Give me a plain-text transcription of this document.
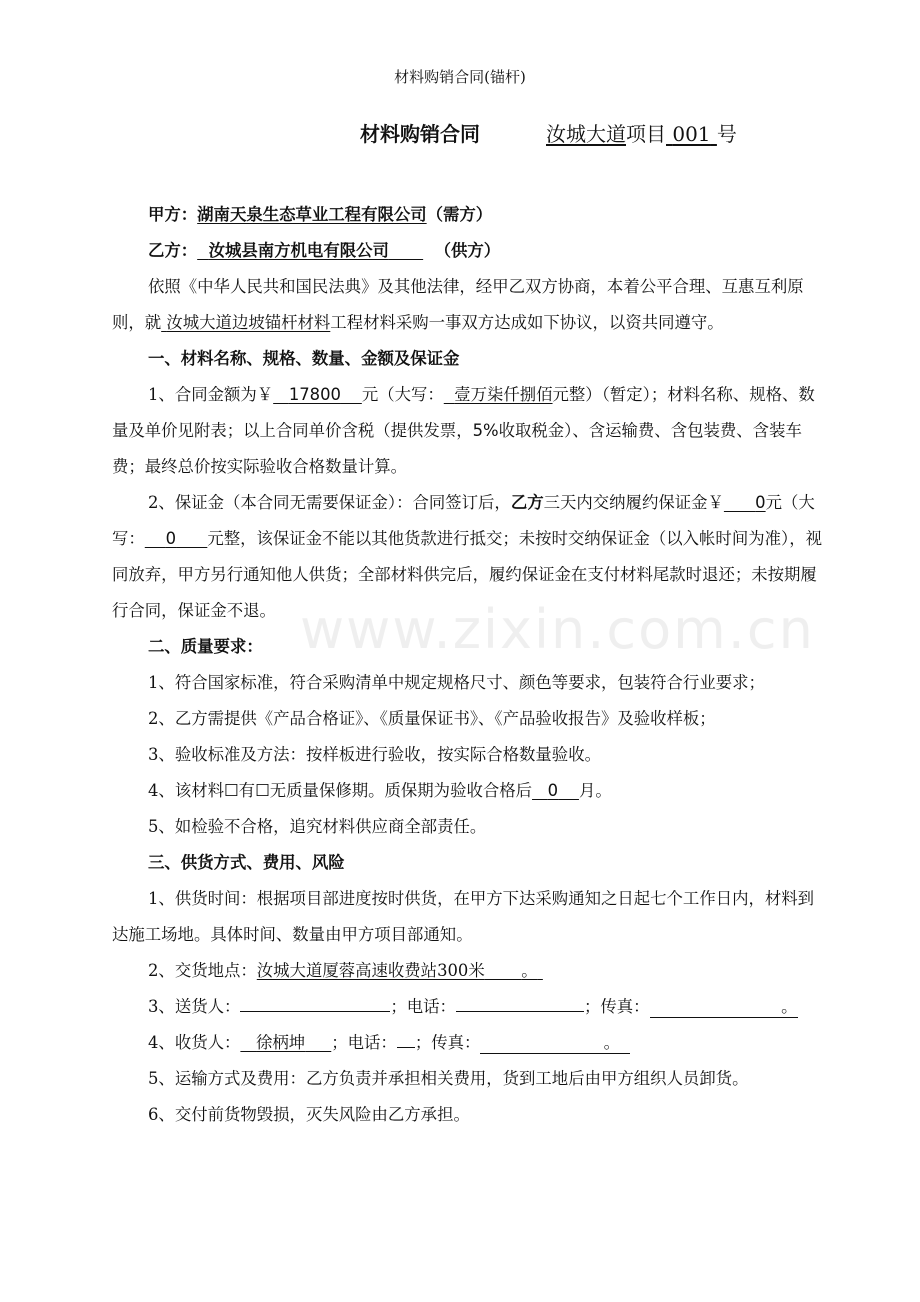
材料购销合同(锚杆)
材料购销合同	汝城大道项目 001 号
www.zixin.com.cn

甲方：湖南天泉生态草业工程有限公司（需方）

乙方： 汝城县南方机电有限公司	（供方）

依照《中华人民共和国民法典》及其他法律，经甲乙双方协商，本着公平合理、互惠互利原则，就 汝城大道边坡锚杆材料工程材料采购一事双方达成如下协议，以资共同遵守。

一、材料名称、规格、数量、金额及保证金

1、合同金额为￥ 17800 元（大写： 壹万柒仟捌佰元整）（暂定）；材料名称、规格、数量及单价见附表；以上合同单价含税（提供发票，5%收取税金）、含运输费、含包装费、含装车费；最终总价按实际验收合格数量计算。

2、保证金（本合同无需要保证金）：合同签订后，乙方三天内交纳履约保证金￥ 0元（大写： 0 元整，该保证金不能以其他货款进行抵交；未按时交纳保证金（以入帐时间为准），视同放弃，甲方另行通知他人供货；全部材料供完后，履约保证金在支付材料尾款时退还；未按期履行合同，保证金不退。

二、质量要求：

1、符合国家标准，符合采购清单中规定规格尺寸、颜色等要求，包装符合行业要求；

2、乙方需提供《产品合格证》、《质量保证书》、《产品验收报告》及验收样板；

3、验收标准及方法：按样板进行验收，按实际合格数量验收。

4、该材料☐有☐无质量保修期。质保期为验收合格后 0 月。

5、如检验不合格，追究材料供应商全部责任。

三、供货方式、费用、风险

1、供货时间：根据项目部进度按时供货，在甲方下达采购通知之日起七个工作日内，材料到达施工场地。具体时间、数量由甲方项目部通知。

2、交货地点：汝城大道厦蓉高速收费站300米 。

3、送货人：	；电话：	；传真：	。

4、收货人： 徐柄坤 ；电话： ；传真：	。

5、运输方式及费用：乙方负责并承担相关费用，货到工地后由甲方组织人员卸货。

6、交付前货物毁损，灭失风险由乙方承担。
